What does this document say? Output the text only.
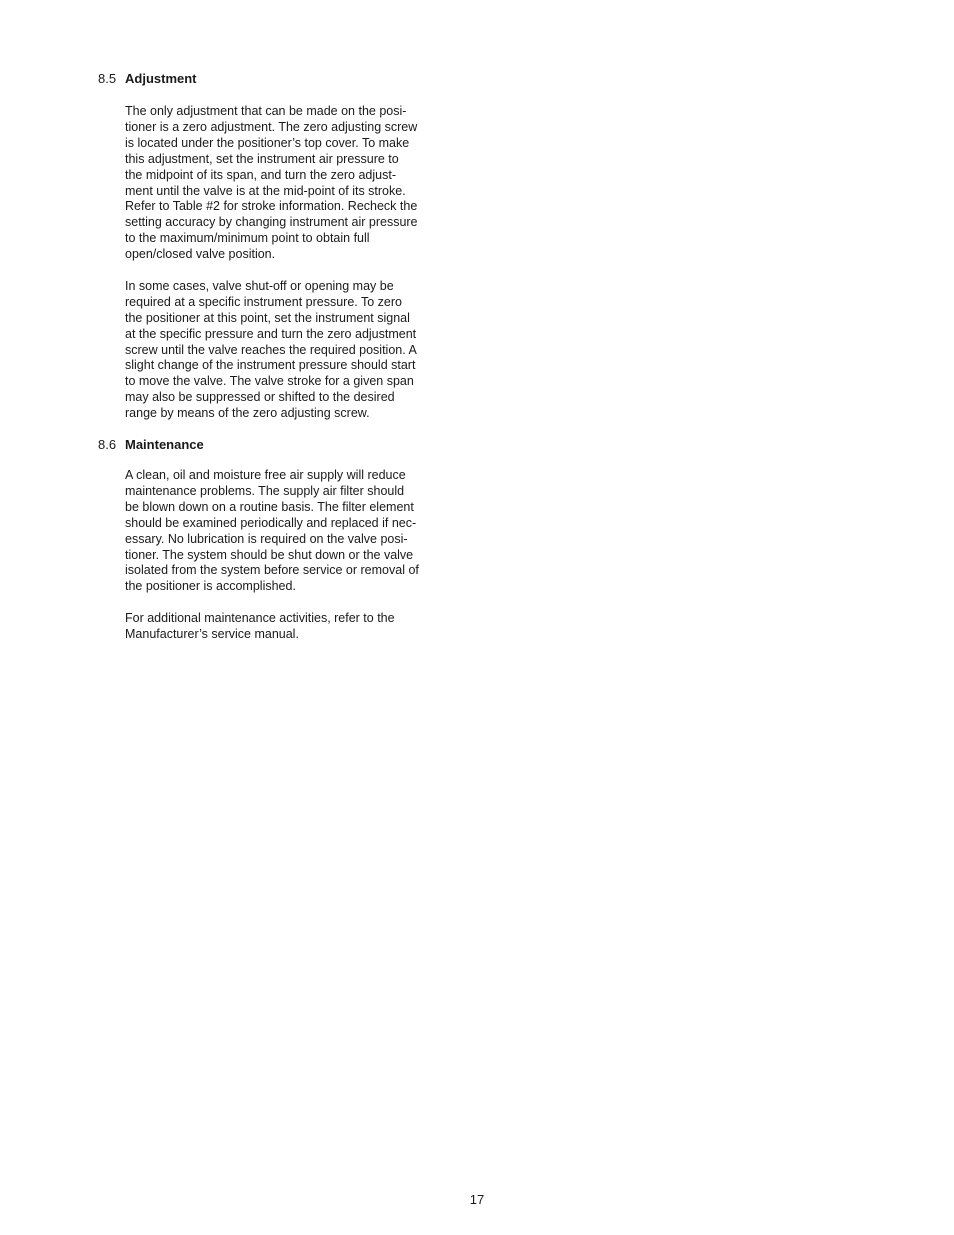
8.5 Adjustment
The only adjustment that can be made on the posi-
tioner is a zero adjustment. The zero adjusting screw
is located under the positioner’s top cover. To make
this adjustment, set the instrument air pressure to
the midpoint of its span, and turn the zero adjust-
ment until the valve is at the mid-point of its stroke.
Refer to Table #2 for stroke information. Recheck the
setting accuracy by changing instrument air pressure
to the maximum/minimum point to obtain full
open/closed valve position.
In some cases, valve shut-off or opening may be
required at a specific instrument pressure. To zero
the positioner at this point, set the instrument signal
at the specific pressure and turn the zero adjustment
screw until the valve reaches the required position. A
slight change of the instrument pressure should start
to move the valve. The valve stroke for a given span
may also be suppressed or shifted to the desired
range by means of the zero adjusting screw.
8.6 Maintenance
A clean, oil and moisture free air supply will reduce
maintenance problems. The supply air filter should
be blown down on a routine basis. The filter element
should be examined periodically and replaced if nec-
essary. No lubrication is required on the valve posi-
tioner. The system should be shut down or the valve
isolated from the system before service or removal of
the positioner is accomplished.
For additional maintenance activities, refer to the
Manufacturer’s service manual.
17
